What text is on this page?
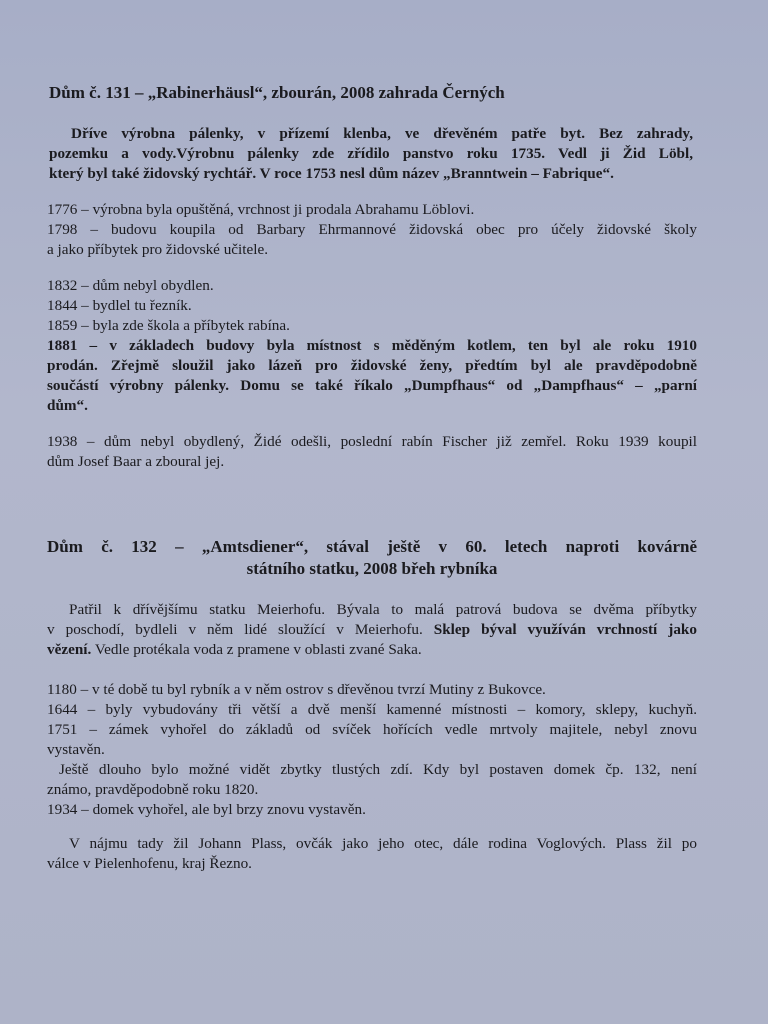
Dům č. 131 – „Rabinerhäusl“, zbourán, 2008 zahrada Černých
Dříve výrobna pálenky, v přízemí klenba, ve dřevěném patře byt. Bez zahrady,
pozemku a vody.Výrobnu pálenky zde zřídilo panstvo roku 1735. Vedl ji Žid Löbl,
který byl také židovský rychtář. V roce 1753 nesl dům název „Branntwein – Fabrique“.
1776 – výrobna byla opuštěná, vrchnost ji prodala Abrahamu Löblovi.
1798 – budovu koupila od Barbary Ehrmannové židovská obec pro účely židovské školy
a jako příbytek pro židovské učitele.
1832 – dům nebyl obydlen.
1844 – bydlel tu řezník.
1859 – byla zde škola a příbytek rabína.
1881 – v základech budovy byla místnost s měděným kotlem, ten byl ale roku 1910
prodán. Zřejmě sloužil jako lázeň pro židovské ženy, předtím byl ale pravděpodobně
součástí výrobny pálenky. Domu se také říkalo „Dumpfhaus“ od „Dampfhaus“ – „parní
dům“.
1938 – dům nebyl obydlený, Židé odešli, poslední rabín Fischer již zemřel. Roku 1939 koupil
dům Josef Baar a zboural jej.
Dům č. 132 – „Amtsdiener“, stával ještě v 60. letech naproti kovárně
státního statku, 2008 břeh rybníka
Patřil k dřívějšímu statku Meierhofu. Bývala to malá patrová budova se dvěma příbytky
v poschodí, bydleli v něm lidé sloužící v Meierhofu. Sklep býval využíván vrchností jako
vězení. Vedle protékala voda z pramene v oblasti zvané Saka.
1180 – v té době tu byl rybník a v něm ostrov s dřevěnou tvrzí Mutiny z Bukovce.
1644 – byly vybudovány tři větší a dvě menší kamenné místnosti – komory, sklepy, kuchyň.
1751 – zámek vyhořel do základů od svíček hořících vedle mrtvoly majitele, nebyl znovu
vystavěn.
Ještě dlouho bylo možné vidět zbytky tlustých zdí. Kdy byl postaven domek čp. 132, není
známo, pravděpodobně roku 1820.
1934 – domek vyhořel, ale byl brzy znovu vystavěn.
V nájmu tady žil Johann Plass, ovčák jako jeho otec, dále rodina Voglových. Plass žil po
válce v Pielenhofenu, kraj Řezno.
